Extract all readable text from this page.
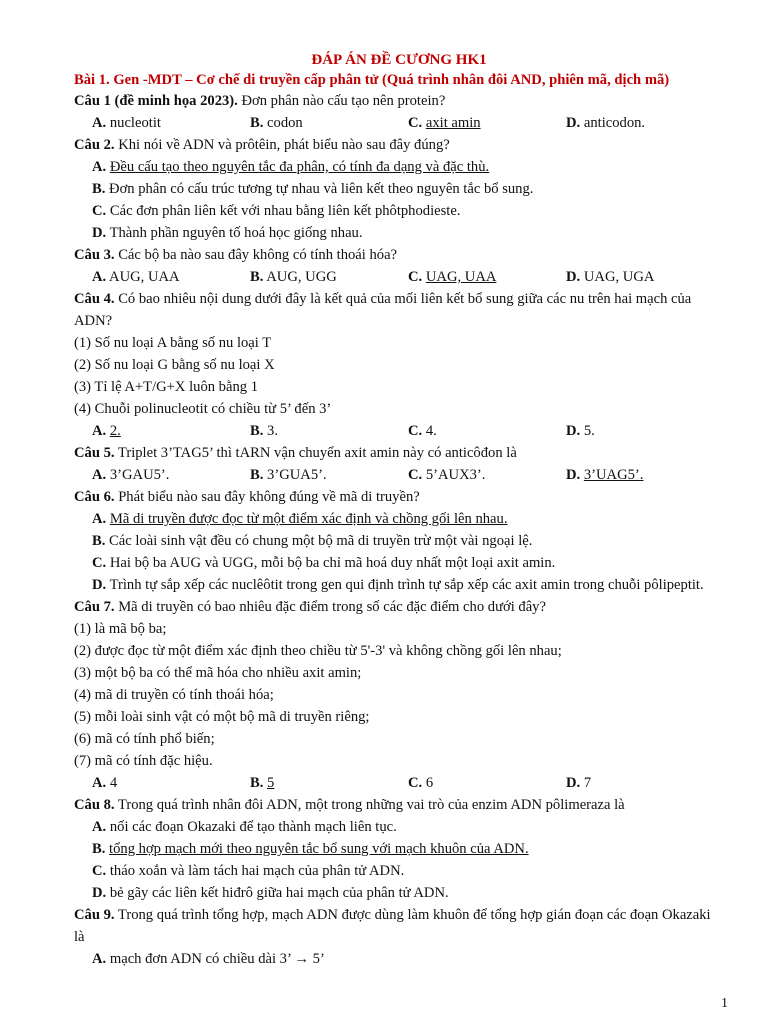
ĐÁP ÁN ĐỀ CƯƠNG HK1
Bài 1. Gen -MDT – Cơ chế di truyền cấp phân tử (Quá trình nhân đôi AND, phiên mã, dịch mã)
Câu 1 (đề minh họa 2023). Đơn phân nào cấu tạo nên protein?
A. nucleotit	B. codon	C. axit amin	D. anticodon.
Câu 2. Khi nói về ADN và prôtêin, phát biểu nào sau đây đúng?
A. Đều cấu tạo theo nguyên tắc đa phân, có tính đa dạng và đặc thù.
B. Đơn phân có cấu trúc tương tự nhau và liên kết theo nguyên tắc bổ sung.
C. Các đơn phân liên kết với nhau bằng liên kết phôtphodieste.
D. Thành phần nguyên tố hoá học giống nhau.
Câu 3. Các bộ ba nào sau đây không có tính thoái hóa?
A. AUG, UAA	B. AUG, UGG	C. UAG, UAA	D. UAG, UGA
Câu 4. Có bao nhiêu nội dung dưới đây là kết quả của mối liên kết bổ sung giữa các nu trên hai mạch của ADN?
(1) Số nu loại A bằng số nu loại T
(2) Số nu loại G bằng số nu loại X
(3) Tỉ lệ A+T/G+X luôn bằng 1
(4) Chuỗi polinucleotit có chiều từ 5’ đến 3’
A. 2.	B. 3.	C. 4.	D. 5.
Câu 5. Triplet 3’TAG5’ thì tARN vận chuyển axit amin này có anticôđon là
A. 3’GAU5’.	B. 3’GUA5’.	C. 5’AUX3’.	D. 3’UAG5’.
Câu 6. Phát biểu nào sau đây không đúng về mã di truyền?
A. Mã di truyền được đọc từ một điểm xác định và chồng gối lên nhau.
B. Các loài sinh vật đều có chung một bộ mã di truyền trừ một vài ngoại lệ.
C. Hai bộ ba AUG và UGG, mỗi bộ ba chỉ mã hoá duy nhất một loại axit amin.
D. Trình tự sắp xếp các nuclêôtit trong gen qui định trình tự sắp xếp các axit amin trong chuỗi pôlipeptit.
Câu 7. Mã di truyền có bao nhiêu đặc điểm trong số các đặc điểm cho dưới đây?
(1) là mã bộ ba;
(2) được đọc từ một điểm xác định theo chiều từ 5'-3' và không chồng gối lên nhau;
(3) một bộ ba có thể mã hóa cho nhiều axit amin;
(4) mã di truyền có tính thoái hóa;
(5) mỗi loài sinh vật có một bộ mã di truyền riêng;
(6) mã có tính phổ biến;
(7) mã có tính đặc hiệu.
A. 4	B. 5	C. 6	D. 7
Câu 8. Trong quá trình nhân đôi ADN, một trong những vai trò của enzim ADN pôlimeraza là
A. nối các đoạn Okazaki để tạo thành mạch liên tục.
B. tổng hợp mạch mới theo nguyên tắc bổ sung với mạch khuôn của ADN.
C. tháo xoắn và làm tách hai mạch của phân tử ADN.
D. bẻ gãy các liên kết hiđrô giữa hai mạch của phân tử ADN.
Câu 9. Trong quá trình tổng hợp, mạch ADN được dùng làm khuôn để tổng hợp gián đoạn các đoạn Okazaki là
A. mạch đơn ADN có chiều dài 3’ → 5’
1
